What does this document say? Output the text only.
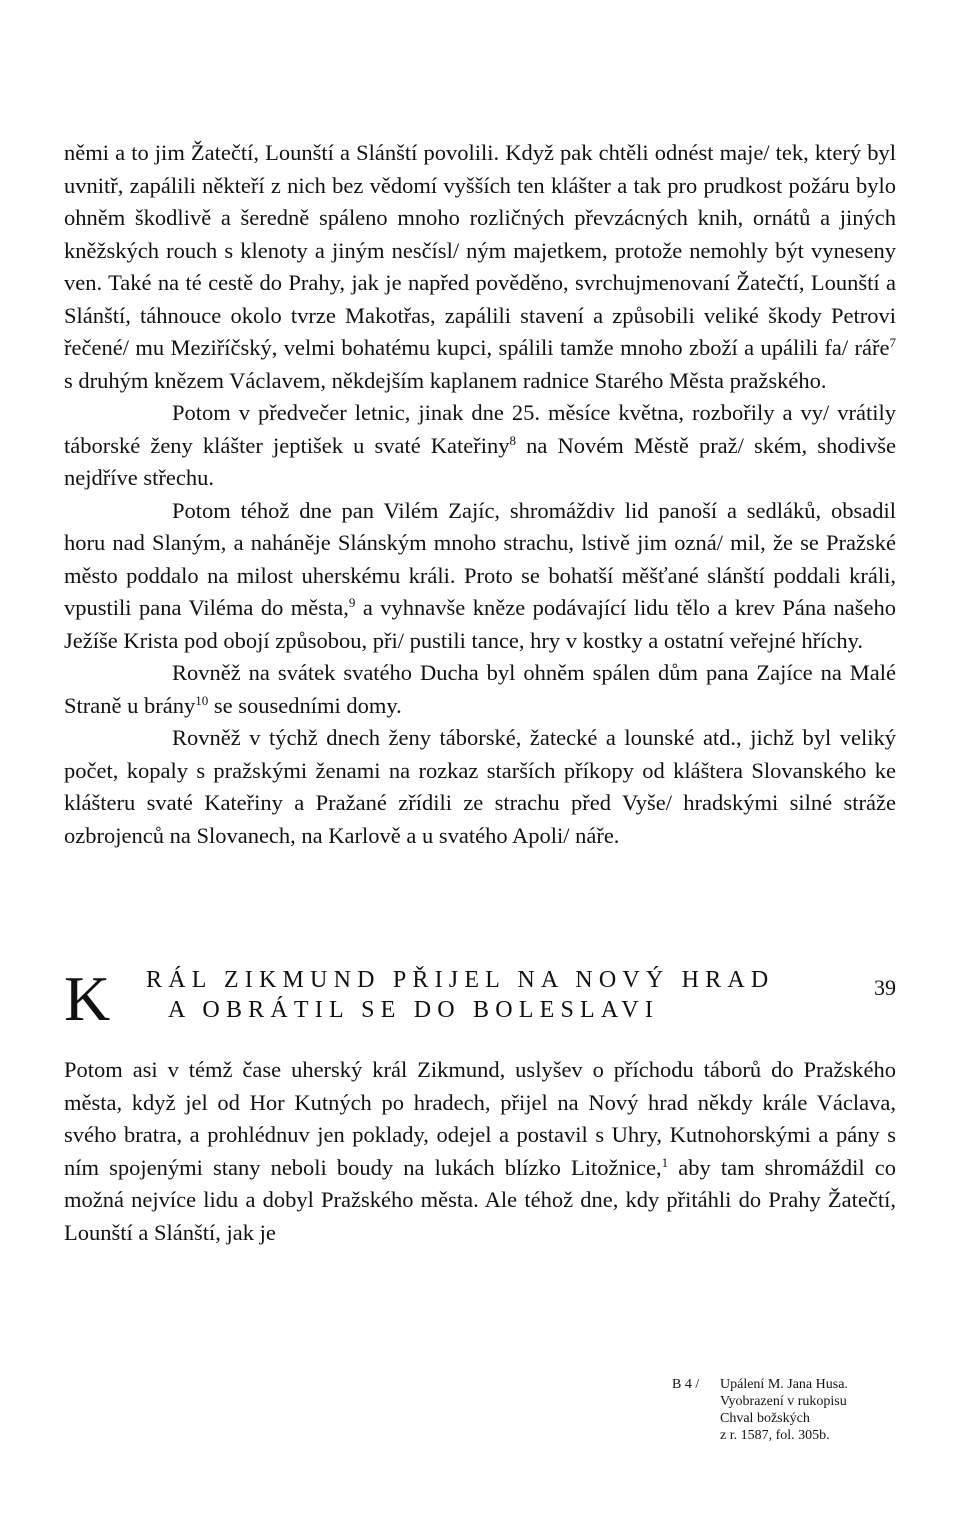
němi a to jim Žatečtí, Lounští a Slánští povolili. Když pak chtěli odnést maje/ tek, který byl uvnitř, zapálili někteří z nich bez vědomí vyšších ten klášter a tak pro prudkost požáru bylo ohněm škodlivě a šeredně spáleno mnoho rozličných převzácných knih, ornátů a jiných kněžských rouch s klenoty a jiným nesčísl/ ným majetkem, protože nemohly být vyneseny ven. Také na té cestě do Prahy, jak je napřed pověděno, svrchujmenovaní Žatečtí, Lounští a Slánští, táhnouce okolo tvrze Makotřas, zapálili stavení a způsobili veliké škody Petrovi řečené/ mu Meziříčský, velmi bohatému kupci, spálili tamže mnoho zboží a upálili fa/ ráře$^7$ s druhým knězem Václavem, někdejším kaplanem radnice Starého Města pražského.

Potom v předvečer letnic, jinak dne 25. měsíce května, rozbořily a vy/ vrátily táborské ženy klášter jeptišek u svaté Kateřiny$^8$ na Novém Městě praž/ ském, shodivše nejdříve střechu.

Potom téhož dne pan Vilém Zajíc, shromáždiv lid panoší a sedláků, obsadil horu nad Slaným, a naháněje Slánským mnoho strachu, lstivě jim ozná/ mil, že se Pražské město poddalo na milost uherskému králi. Proto se bohatší měšťané slánští poddali králi, vpustili pana Viléma do města,$^9$ a vyhnavše kněze podávající lidu tělo a krev Pána našeho Ježíše Krista pod obojí způsobou, při/ pustili tance, hry v kostky a ostatní veřejné hříchy.

Rovněž na svátek svatého Ducha byl ohněm spálen dům pana Zajíce na Malé Straně u brány$^{10}$ se sousedními domy.

Rovněž v týchž dnech ženy táborské, žatecké a lounské atd., jichž byl veliký počet, kopaly s pražskými ženami na rozkaz starších příkopy od kláštera Slovanského ke klášteru svaté Kateřiny a Pražané zřídili ze strachu před Vyše/ hradskými silné stráže ozbrojenců na Slovanech, na Karlově a u svatého Apoli/ náře.

K RÁL ZIKMUND PŘIJEL NA NOVÝ HRAD
A OBRÁTIL SE DO BOLESLAVI
39

Potom asi v témž čase uherský král Zikmund, uslyšev o příchodu táborů do Pražského města, když jel od Hor Kutných po hradech, přijel na Nový hrad někdy krále Václava, svého bratra, a prohlédnuv jen poklady, odejel a postavil s Uhry, Kutnohorskými a pány s ním spojenými stany neboli boudy na lukách blízko Litožnice,$^1$ aby tam shromáždil co možná nejvíce lidu a dobyl Pražského města. Ale téhož dne, kdy přitáhli do Prahy Žatečtí, Lounští a Slánští, jak je

B 4 / Upálení M. Jana Husa.
Vyobrazení v rukopisu
Chval božských
z r. 1587, fol. 305b.
